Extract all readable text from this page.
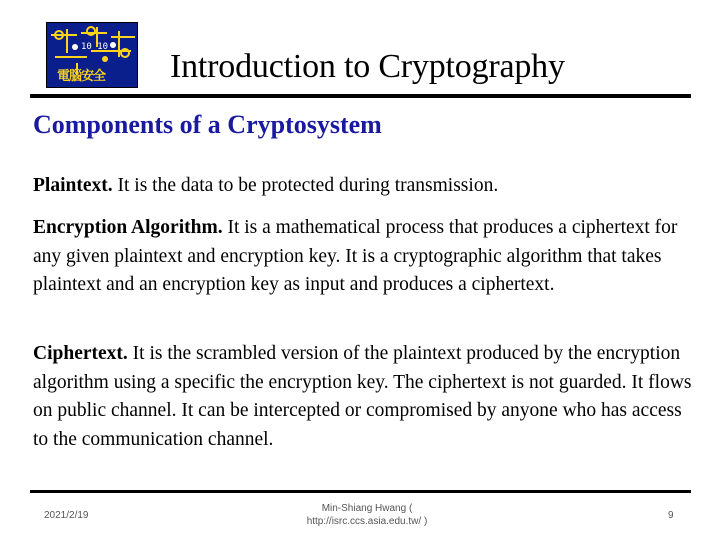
10 10
電腦安全 Introduction to Cryptography
Components of a Cryptosystem
Plaintext. It is the data to be protected during transmission.
Encryption Algorithm. It is a mathematical process that produces a ciphertext for any given plaintext and encryption key. It is a cryptographic algorithm that takes plaintext and an encryption key as input and produces a ciphertext.
Ciphertext. It is the scrambled version of the plaintext produced by the encryption algorithm using a specific the encryption key. The ciphertext is not guarded. It flows on public channel. It can be intercepted or compromised by anyone who has access to the communication channel.
2021/2/19
Min-Shiang Hwang (
http://isrc.ccs.asia.edu.tw/ )
9
